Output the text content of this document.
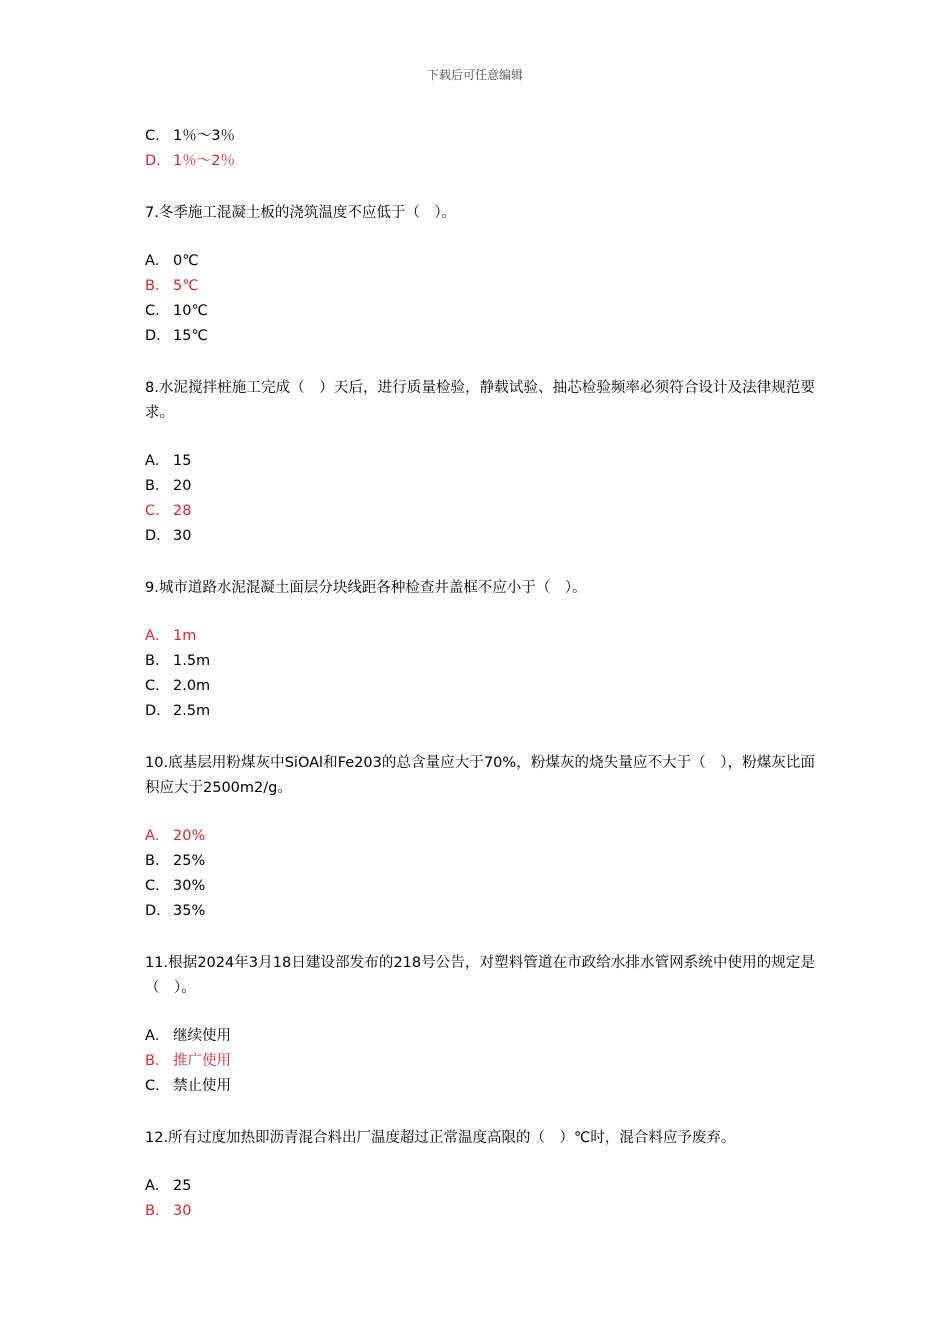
下载后可任意编辑
C． 1％～3％
D． 1％～2％
7.冬季施工混凝土板的浇筑温度不应低于（　）。
A． 0℃
B． 5℃
C． 10℃
D． 15℃
8.水泥搅拌桩施工完成（　）天后，进行质量检验，静载试验、抽芯检验频率必须符合设计及法律规范要求。
A． 15
B． 20
C． 28
D． 30
9.城市道路水泥混凝土面层分块线距各种检查井盖框不应小于（　）。
A． 1m
B． 1.5m
C． 2.0m
D． 2.5m
10.底基层用粉煤灰中SiOAl和Fe203的总含量应大于70%，粉煤灰的烧失量应不大于（　），粉煤灰比面积应大于2500m2/g。
A． 20%
B． 25%
C． 30%
D． 35%
11.根据2024年3月18日建设部发布的218号公告，对塑料管道在市政给水排水管网系统中使用的规定是（　）。
A． 继续使用
B． 推广使用
C． 禁止使用
12.所有过度加热即沥青混合料出厂温度超过正常温度高限的（　）℃时，混合料应予废弃。
A． 25
B． 30
